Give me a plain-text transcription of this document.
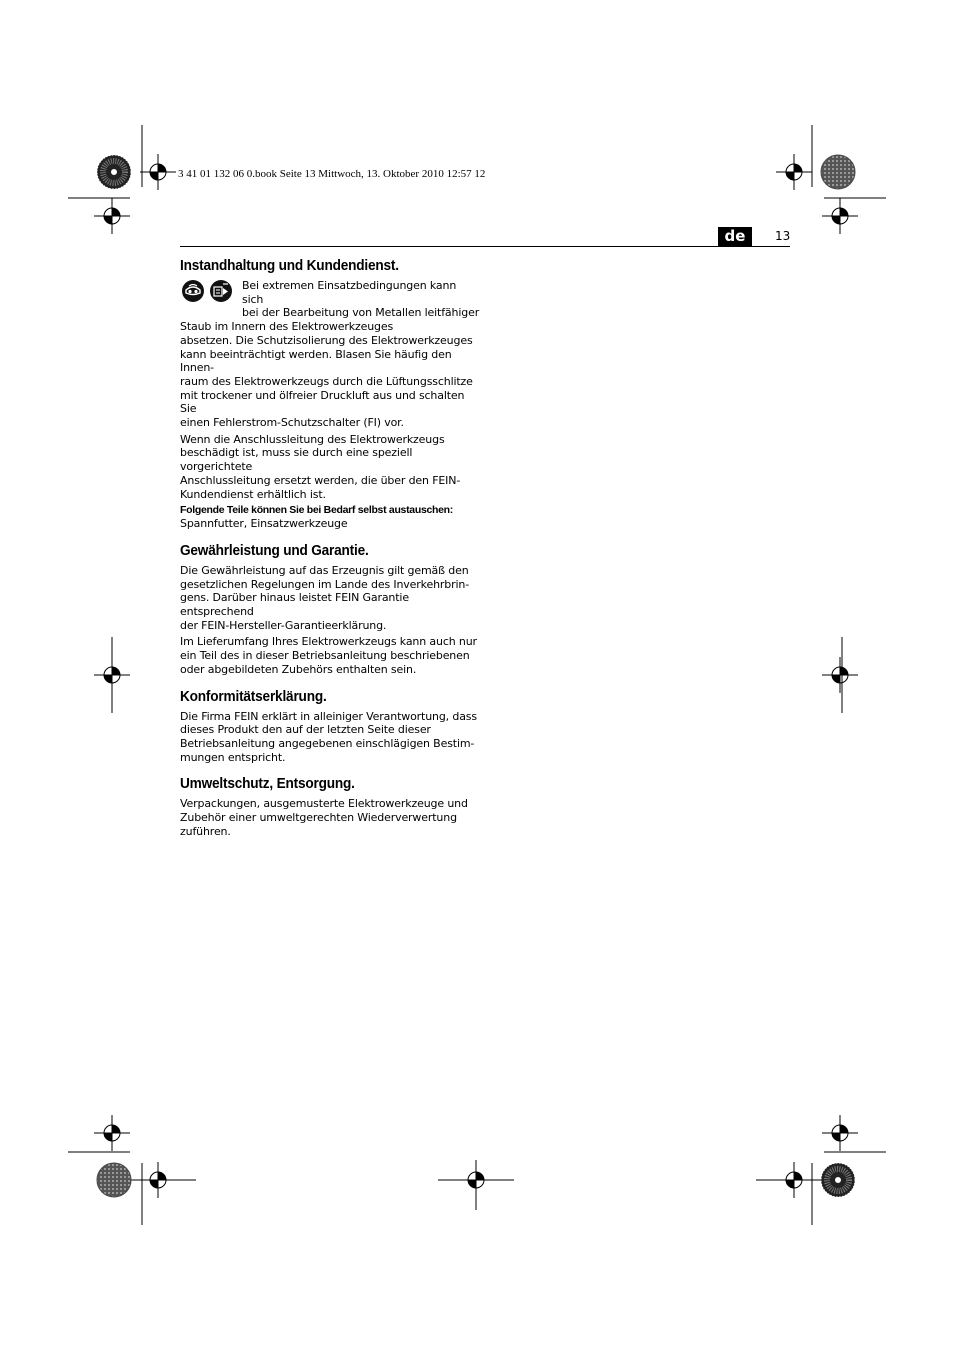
3 41 01 132 06 0.book Seite 13 Mittwoch, 13. Oktober 2010 12:57 12
de	13
Instandhaltung und Kundendienst.

Bei extremen Einsatzbedingungen kann sich
bei der Bearbeitung von Metallen leitfähiger
Staub im Innern des Elektrowerkzeuges

absetzen. Die Schutzisolierung des Elektrowerkzeuges
kann beeinträchtigt werden. Blasen Sie häufig den Innen-
raum des Elektrowerkzeugs durch die Lüftungsschlitze
mit trockener und ölfreier Druckluft aus und schalten Sie
einen Fehlerstrom-Schutzschalter (FI) vor.

Wenn die Anschlussleitung des Elektrowerkzeugs
beschädigt ist, muss sie durch eine speziell vorgerichtete
Anschlussleitung ersetzt werden, die über den FEIN-
Kundendienst erhältlich ist.

Folgende Teile können Sie bei Bedarf selbst austauschen:

Spannfutter, Einsatzwerkzeuge

Gewährleistung und Garantie.

Die Gewährleistung auf das Erzeugnis gilt gemäß den
gesetzlichen Regelungen im Lande des Inverkehrbrin-
gens. Darüber hinaus leistet FEIN Garantie entsprechend
der FEIN-Hersteller-Garantieerklärung.

Im Lieferumfang Ihres Elektrowerkzeugs kann auch nur
ein Teil des in dieser Betriebsanleitung beschriebenen
oder abgebildeten Zubehörs enthalten sein.

Konformitätserklärung.

Die Firma FEIN erklärt in alleiniger Verantwortung, dass
dieses Produkt den auf der letzten Seite dieser
Betriebsanleitung angegebenen einschlägigen Bestim-
mungen entspricht.

Umweltschutz, Entsorgung.

Verpackungen, ausgemusterte Elektrowerkzeuge und
Zubehör einer umweltgerechten Wiederverwertung
zuführen.
